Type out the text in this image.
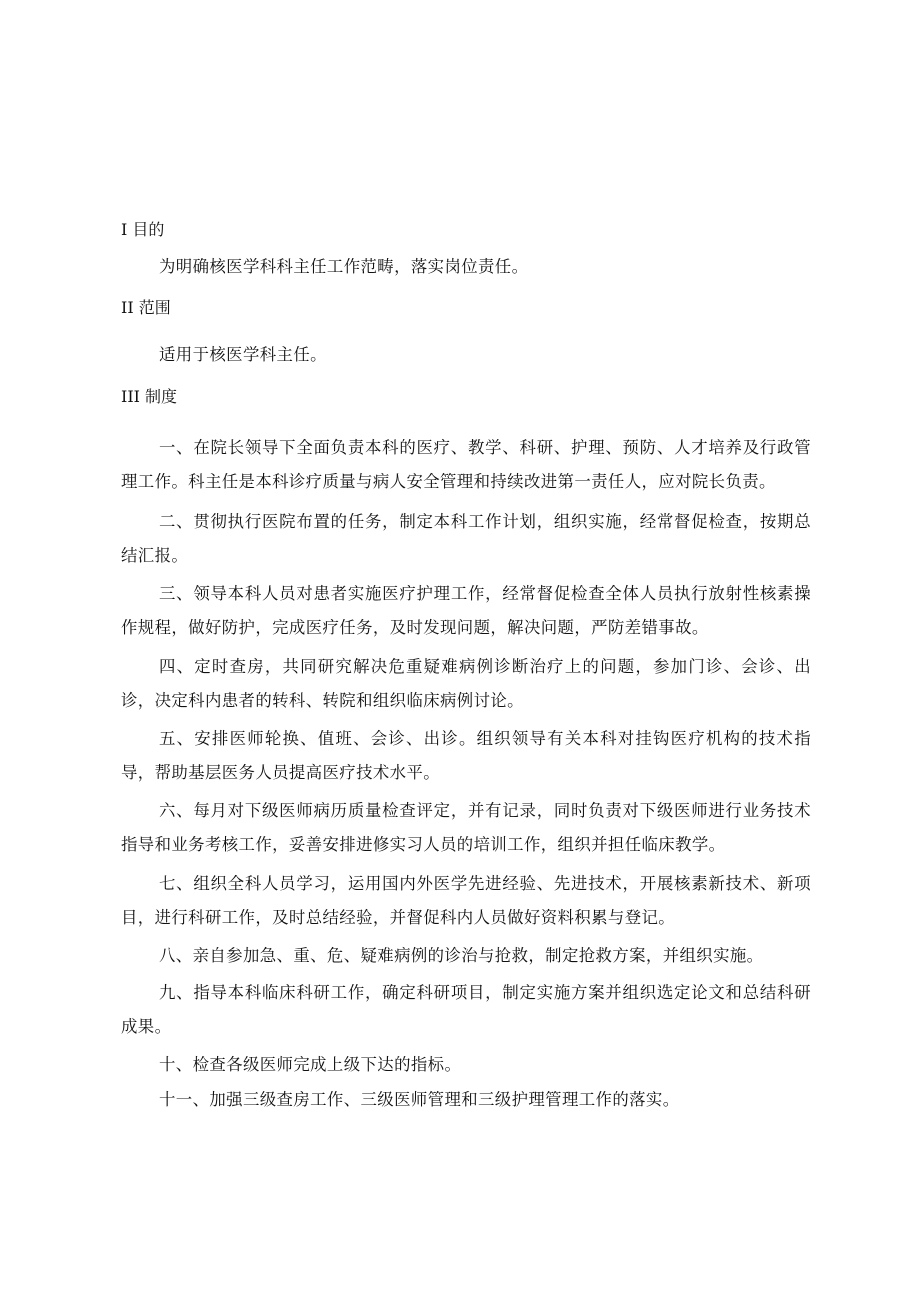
I 目的
为明确核医学科科主任工作范畴，落实岗位责任。
II 范围
适用于核医学科主任。
III 制度
一、在院长领导下全面负责本科的医疗、教学、科研、护理、预防、人才培养及行政管理工作。科主任是本科诊疗质量与病人安全管理和持续改进第一责任人，应对院长负责。
二、贯彻执行医院布置的任务，制定本科工作计划，组织实施，经常督促检查，按期总结汇报。
三、领导本科人员对患者实施医疗护理工作，经常督促检查全体人员执行放射性核素操作规程，做好防护，完成医疗任务，及时发现问题，解决问题，严防差错事故。
四、定时查房，共同研究解决危重疑难病例诊断治疗上的问题，参加门诊、会诊、出诊，决定科内患者的转科、转院和组织临床病例讨论。
五、安排医师轮换、值班、会诊、出诊。组织领导有关本科对挂钩医疗机构的技术指导，帮助基层医务人员提高医疗技术水平。
六、每月对下级医师病历质量检查评定，并有记录，同时负责对下级医师进行业务技术指导和业务考核工作，妥善安排进修实习人员的培训工作，组织并担任临床教学。
七、组织全科人员学习，运用国内外医学先进经验、先进技术，开展核素新技术、新项目，进行科研工作，及时总结经验，并督促科内人员做好资料积累与登记。
八、亲自参加急、重、危、疑难病例的诊治与抢救，制定抢救方案，并组织实施。
九、指导本科临床科研工作，确定科研项目，制定实施方案并组织选定论文和总结科研成果。
十、检查各级医师完成上级下达的指标。
十一、加强三级查房工作、三级医师管理和三级护理管理工作的落实。
